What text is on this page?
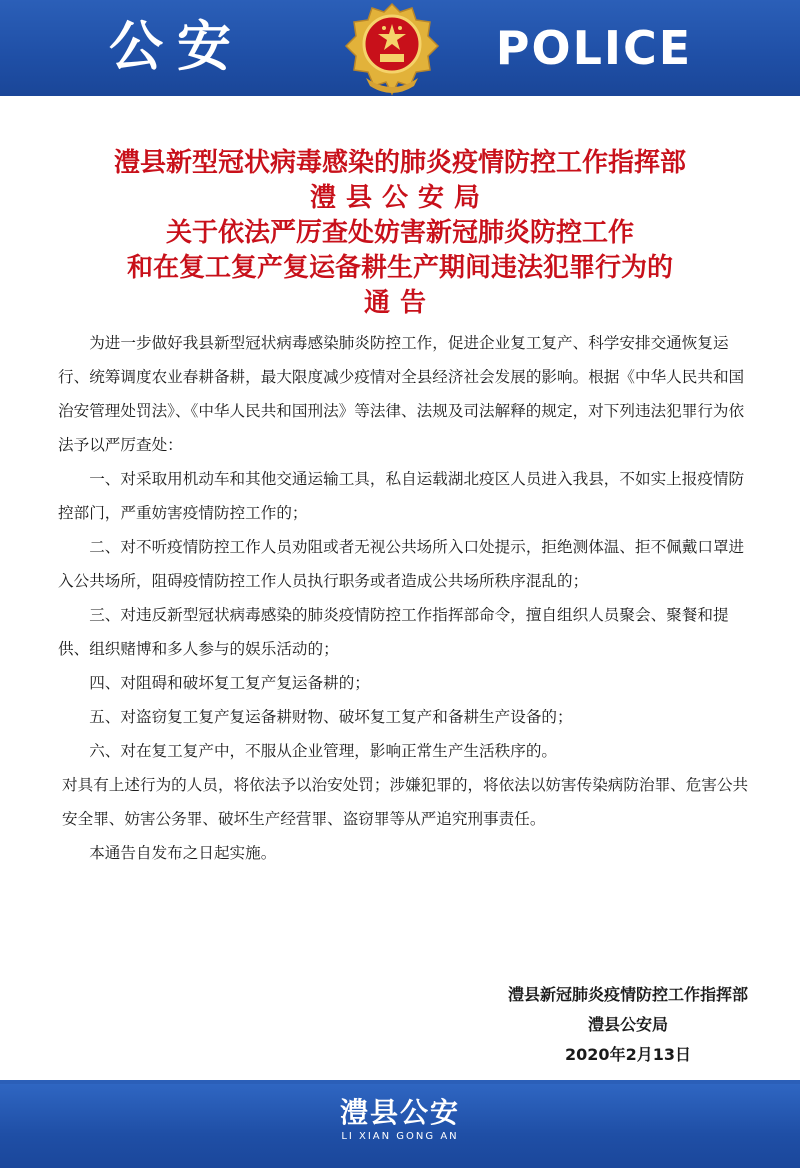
公安	POLICE
澧县新型冠状病毒感染的肺炎疫情防控工作指挥部
澧县公安局
关于依法严厉查处妨害新冠肺炎防控工作
和在复工复产复运备耕生产期间违法犯罪行为的
通告

为进一步做好我县新型冠状病毒感染肺炎防控工作，促进企业复工复产、科学安排交通恢复运行、统筹调度农业春耕备耕，最大限度减少疫情对全县经济社会发展的影响。根据《中华人民共和国治安管理处罚法》、《中华人民共和国刑法》等法律、法规及司法解释的规定，对下列违法犯罪行为依法予以严厉查处：

一、对采取用机动车和其他交通运输工具，私自运载湖北疫区人员进入我县，不如实上报疫情防控部门，严重妨害疫情防控工作的；

二、对不听疫情防控工作人员劝阻或者无视公共场所入口处提示，拒绝测体温、拒不佩戴口罩进入公共场所，阻碍疫情防控工作人员执行职务或者造成公共场所秩序混乱的；

三、对违反新型冠状病毒感染的肺炎疫情防控工作指挥部命令，擅自组织人员聚会、聚餐和提供、组织赌博和多人参与的娱乐活动的；

四、对阻碍和破坏复工复产复运备耕的；

五、对盗窃复工复产复运备耕财物、破坏复工复产和备耕生产设备的；

六、对在复工复产中，不服从企业管理，影响正常生产生活秩序的。

对具有上述行为的人员，将依法予以治安处罚；涉嫌犯罪的，将依法以妨害传染病防治罪、危害公共安全罪、妨害公务罪、破坏生产经营罪、盗窃罪等从严追究刑事责任。

本通告自发布之日起实施。

澧县新冠肺炎疫情防控工作指挥部
澧县公安局
2020年2月13日
澧县公安
LI XIAN GONG AN
